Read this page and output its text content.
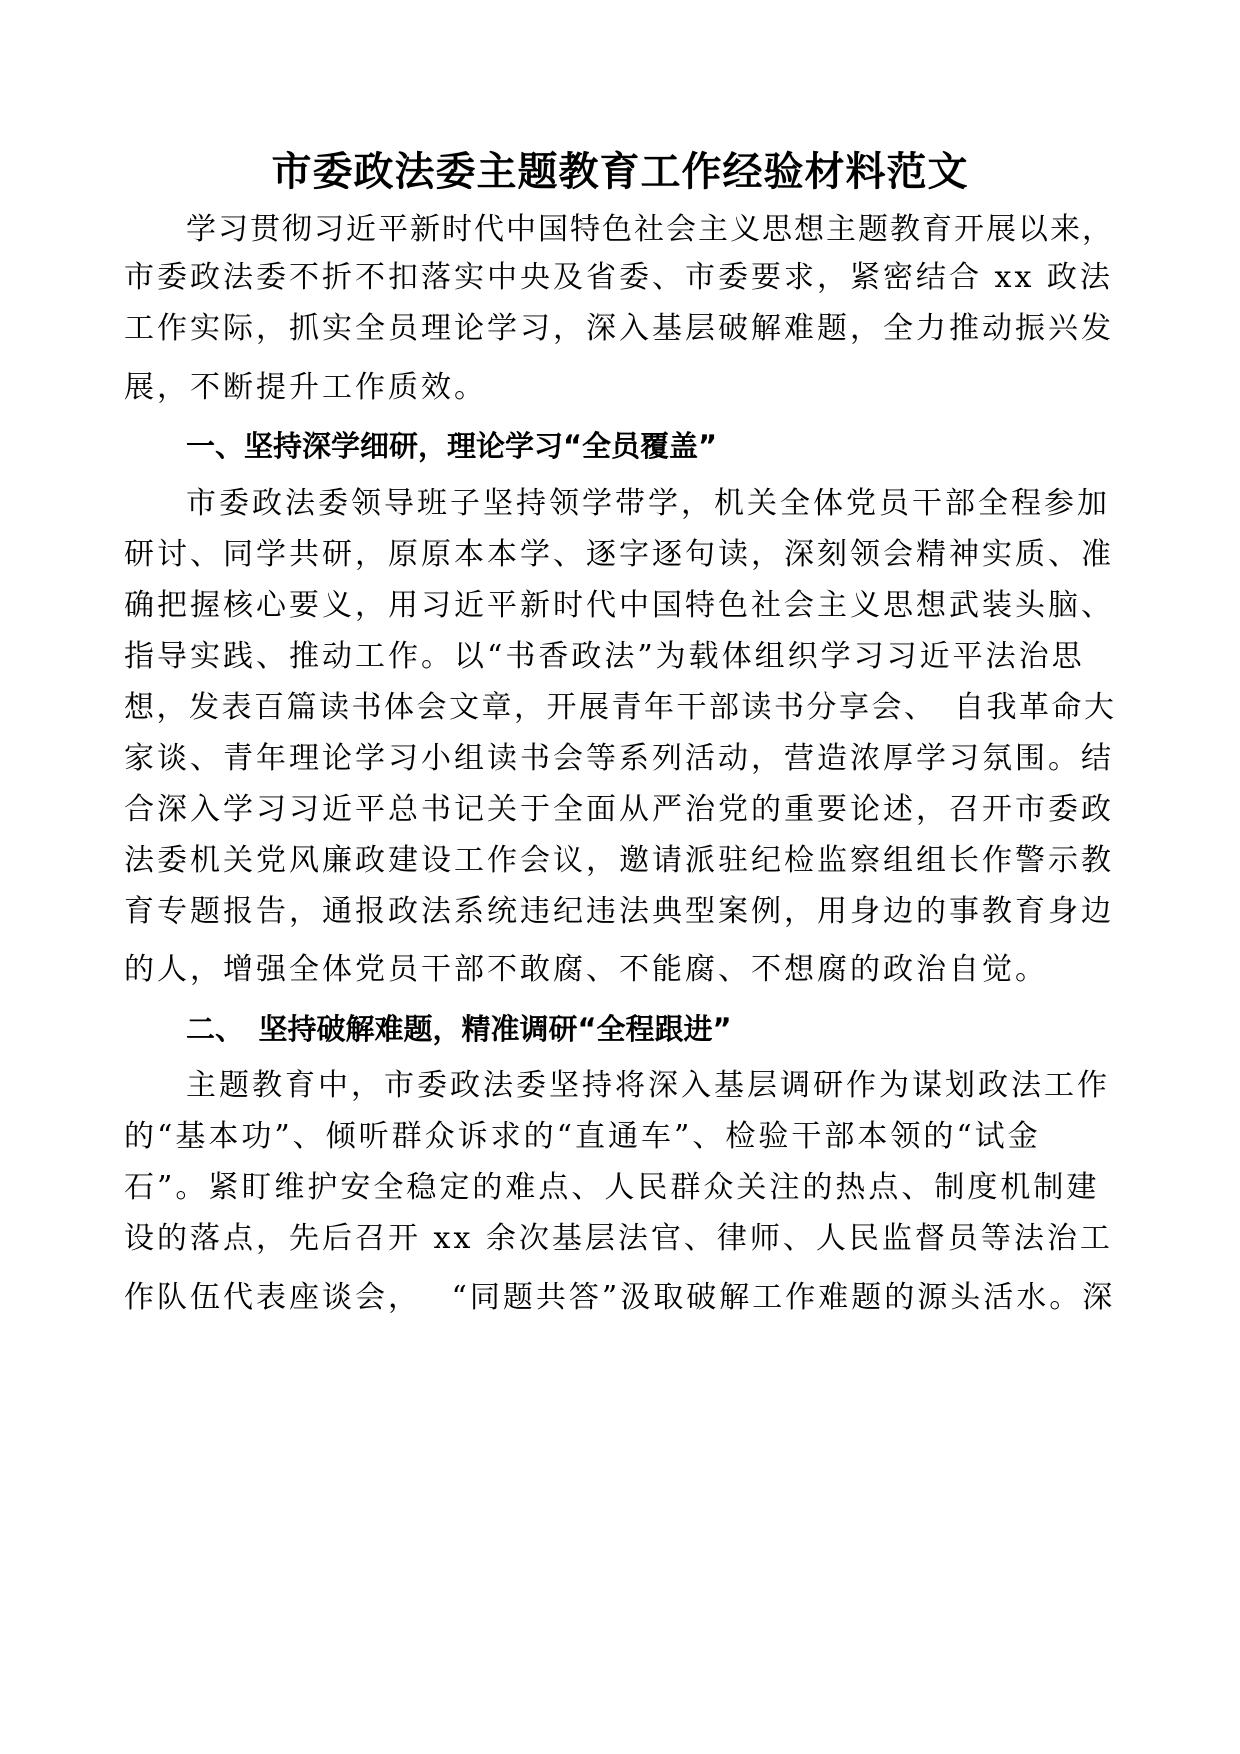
市委政法委主题教育工作经验材料范文

学习贯彻习近平新时代中国特色社会主义思想主题教育开展以来，

市委政法委不折不扣落实中央及省委、市委要求，紧密结合 xx 政法

工作实际，抓实全员理论学习，深入基层破解难题，全力推动振兴发

展，不断提升工作质效。

一、坚持深学细研，理论学习“全员覆盖”

市委政法委领导班子坚持领学带学，机关全体党员干部全程参加

研讨、同学共研，原原本本学、逐字逐句读，深刻领会精神实质、准

确把握核心要义，用习近平新时代中国特色社会主义思想武装头脑、

指导实践、推动工作。以“书香政法”为载体组织学习习近平法治思

想，发表百篇读书体会文章，开展青年干部读书分享会、　自我革命大

家谈、青年理论学习小组读书会等系列活动，营造浓厚学习氛围。结

合深入学习习近平总书记关于全面从严治党的重要论述，召开市委政

法委机关党风廉政建设工作会议，邀请派驻纪检监察组组长作警示教

育专题报告，通报政法系统违纪违法典型案例，用身边的事教育身边

的人，增强全体党员干部不敢腐、不能腐、不想腐的政治自觉。

二、　坚持破解难题，精准调研“全程跟进”

主题教育中，市委政法委坚持将深入基层调研作为谋划政法工作

的“基本功”、倾听群众诉求的“直通车”、检验干部本领的“试金

石”。紧盯维护安全稳定的难点、人民群众关注的热点、制度机制建

设的落点，先后召开 xx 余次基层法官、律师、人民监督员等法治工

作队伍代表座谈会，　 “同题共答”汲取破解工作难题的源头活水。深
